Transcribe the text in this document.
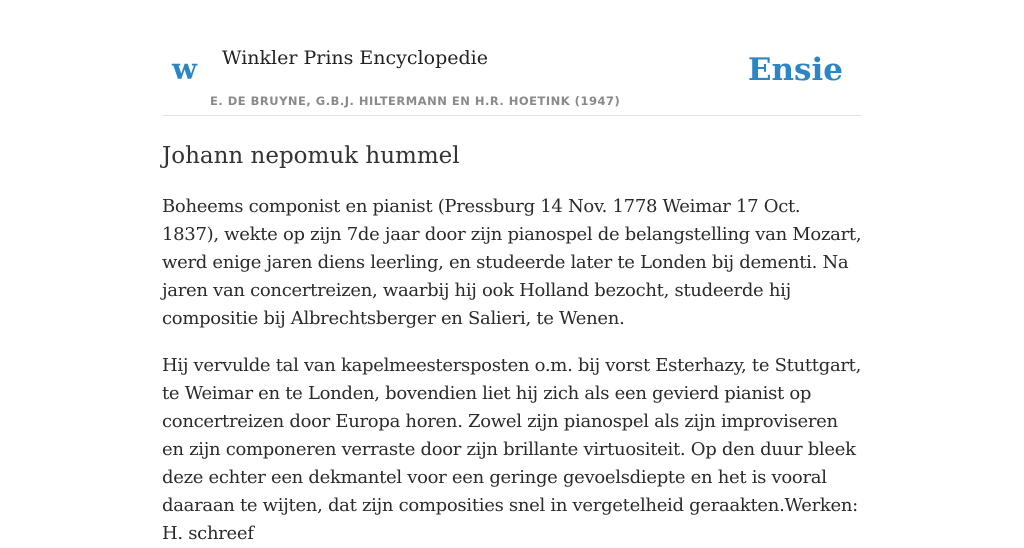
w Winkler Prins Encyclopedie
E. DE BRUYNE, G.B.J. HILTERMANN EN H.R. HOETINK (1947)
Ensie
Johann nepomuk hummel

Boheems componist en pianist (Pressburg 14 Nov. 1778 Weimar 17 Oct. 1837), wekte op zijn 7de jaar door zijn pianospel de belangstelling van Mozart, werd enige jaren diens leerling, en studeerde later te Londen bij dementi. Na jaren van concertreizen, waarbij hij ook Holland bezocht, studeerde hij compositie bij Albrechtsberger en Salieri, te Wenen.

Hij vervulde tal van kapelmeestersposten o.m. bij vorst Esterhazy, te Stuttgart, te Weimar en te Londen, bovendien liet hij zich als een gevierd pianist op concertreizen door Europa horen. Zowel zijn pianospel als zijn improviseren en zijn componeren verraste door zijn brillante virtuositeit. Op den duur bleek deze echter een dekmantel voor een geringe gevoelsdiepte en het is vooral daaraan te wijten, dat zijn composities snel in vergetelheid geraakten.Werken: H. schreef
